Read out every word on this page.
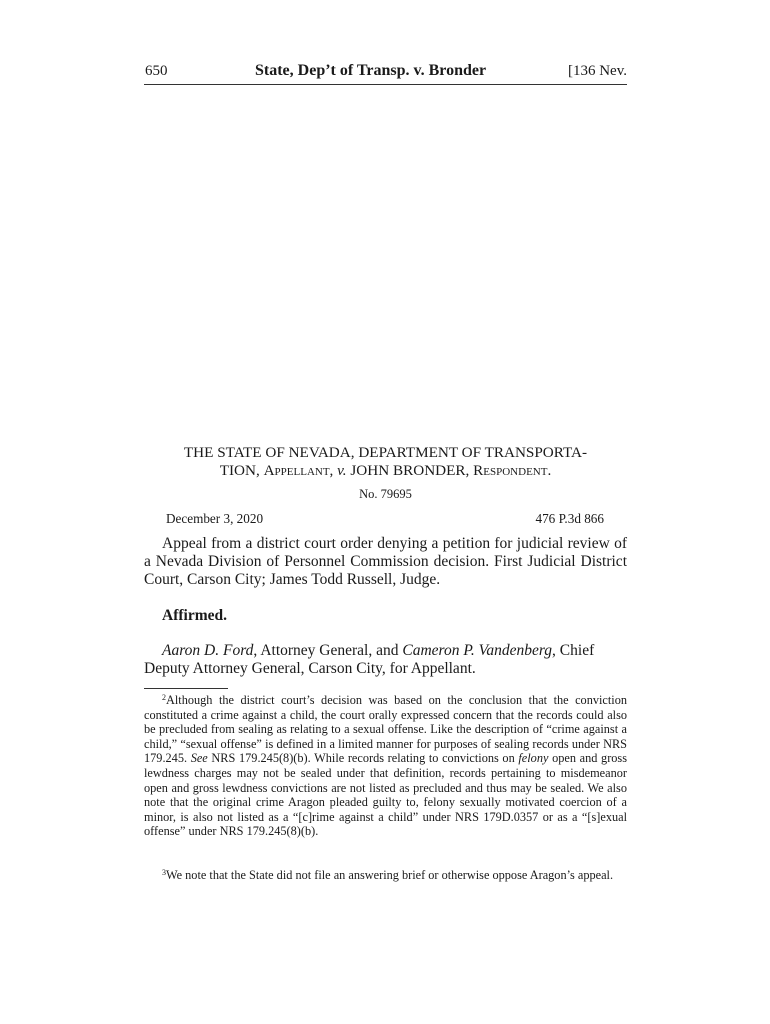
650	State, Dep’t of Transp. v. Bronder	[136 Nev.
THE STATE OF NEVADA, DEPARTMENT OF TRANSPORTA-
TION, Appellant, v. JOHN BRONDER, Respondent.
No. 79695
December 3, 2020	476 P.3d 866

Appeal from a district court order denying a petition for judicial review of a Nevada Division of Personnel Commission decision. First Judicial District Court, Carson City; James Todd Russell, Judge.

Affirmed.

Aaron D. Ford, Attorney General, and Cameron P. Vandenberg, Chief Deputy Attorney General, Carson City, for Appellant.

$^2$Although the district court’s decision was based on the conclusion that the conviction constituted a crime against a child, the court orally expressed concern that the records could also be precluded from sealing as relating to a sexual offense. Like the description of “crime against a child,” “sexual offense” is defined in a limited manner for purposes of sealing records under NRS 179.245. See NRS 179.245(8)(b). While records relating to convictions on felony open and gross lewdness charges may not be sealed under that definition, records pertaining to misdemeanor open and gross lewdness convictions are not listed as precluded and thus may be sealed. We also note that the original crime Aragon pleaded guilty to, felony sexually motivated coercion of a minor, is also not listed as a “[c]rime against a child” under NRS 179D.0357 or as a “[s]exual offense” under NRS 179.245(8)(b).

$^3$We note that the State did not file an answering brief or otherwise oppose Aragon’s appeal.
